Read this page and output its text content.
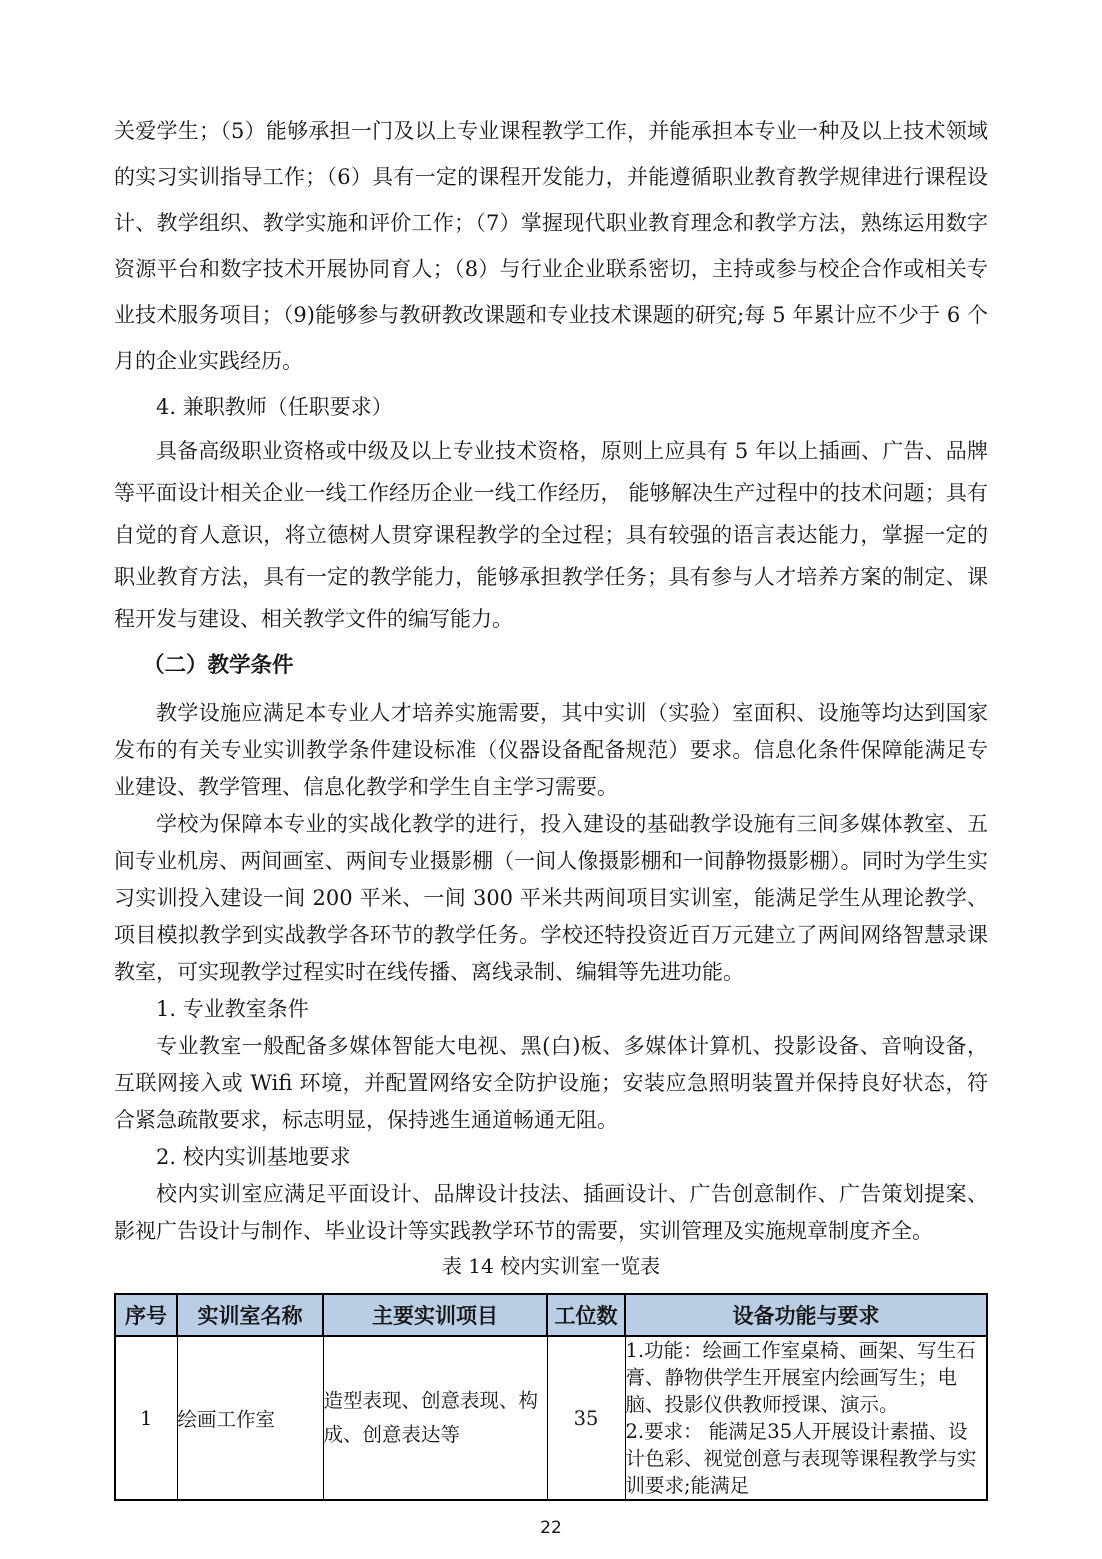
关爱学生；（5）能够承担一门及以上专业课程教学工作，并能承担本专业一种及以上技术领域的实习实训指导工作；（6）具有一定的课程开发能力，并能遵循职业教育教学规律进行课程设计、教学组织、教学实施和评价工作；（7）掌握现代职业教育理念和教学方法，熟练运用数字资源平台和数字技术开展协同育人；（8）与行业企业联系密切，主持或参与校企合作或相关专业技术服务项目；（9)能够参与教研教改课题和专业技术课题的研究;每 5 年累计应不少于 6 个月的企业实践经历。

4. 兼职教师（任职要求）

具备高级职业资格或中级及以上专业技术资格，原则上应具有 5 年以上插画、广告、品牌等平面设计相关企业一线工作经历企业一线工作经历， 能够解决生产过程中的技术问题；具有自觉的育人意识，将立德树人贯穿课程教学的全过程；具有较强的语言表达能力，掌握一定的职业教育方法，具有一定的教学能力，能够承担教学任务；具有参与人才培养方案的制定、课程开发与建设、相关教学文件的编写能力。

（二）教学条件

教学设施应满足本专业人才培养实施需要，其中实训（实验）室面积、设施等均达到国家发布的有关专业实训教学条件建设标准（仪器设备配备规范）要求。信息化条件保障能满足专业建设、教学管理、信息化教学和学生自主学习需要。

学校为保障本专业的实战化教学的进行，投入建设的基础教学设施有三间多媒体教室、五间专业机房、两间画室、两间专业摄影棚（一间人像摄影棚和一间静物摄影棚）。同时为学生实习实训投入建设一间 200 平米、一间 300 平米共两间项目实训室，能满足学生从理论教学、项目模拟教学到实战教学各环节的教学任务。学校还特投资近百万元建立了两间网络智慧录课教室，可实现教学过程实时在线传播、离线录制、编辑等先进功能。

1. 专业教室条件

专业教室一般配备多媒体智能大电视、黑(白)板、多媒体计算机、投影设备、音响设备，互联网接入或 Wifi 环境，并配置网络安全防护设施；安装应急照明装置并保持良好状态，符合紧急疏散要求，标志明显，保持逃生通道畅通无阻。

2. 校内实训基地要求

校内实训室应满足平面设计、品牌设计技法、插画设计、广告创意制作、广告策划提案、影视广告设计与制作、毕业设计等实践教学环节的需要，实训管理及实施规章制度齐全。

表 14 校内实训室一览表
序号	实训室名称	主要实训项目	工位数	设备功能与要求
1	绘画工作室	造型表现、创意表现、构成、创意表达等	35	1.功能：绘画工作室桌椅、画架、写生石膏、静物供学生开展室内绘画写生；电脑、投影仪供教师授课、演示。
2.要求： 能满足35人开展设计素描、设计色彩、视觉创意与表现等课程教学与实训要求;能满足
22
